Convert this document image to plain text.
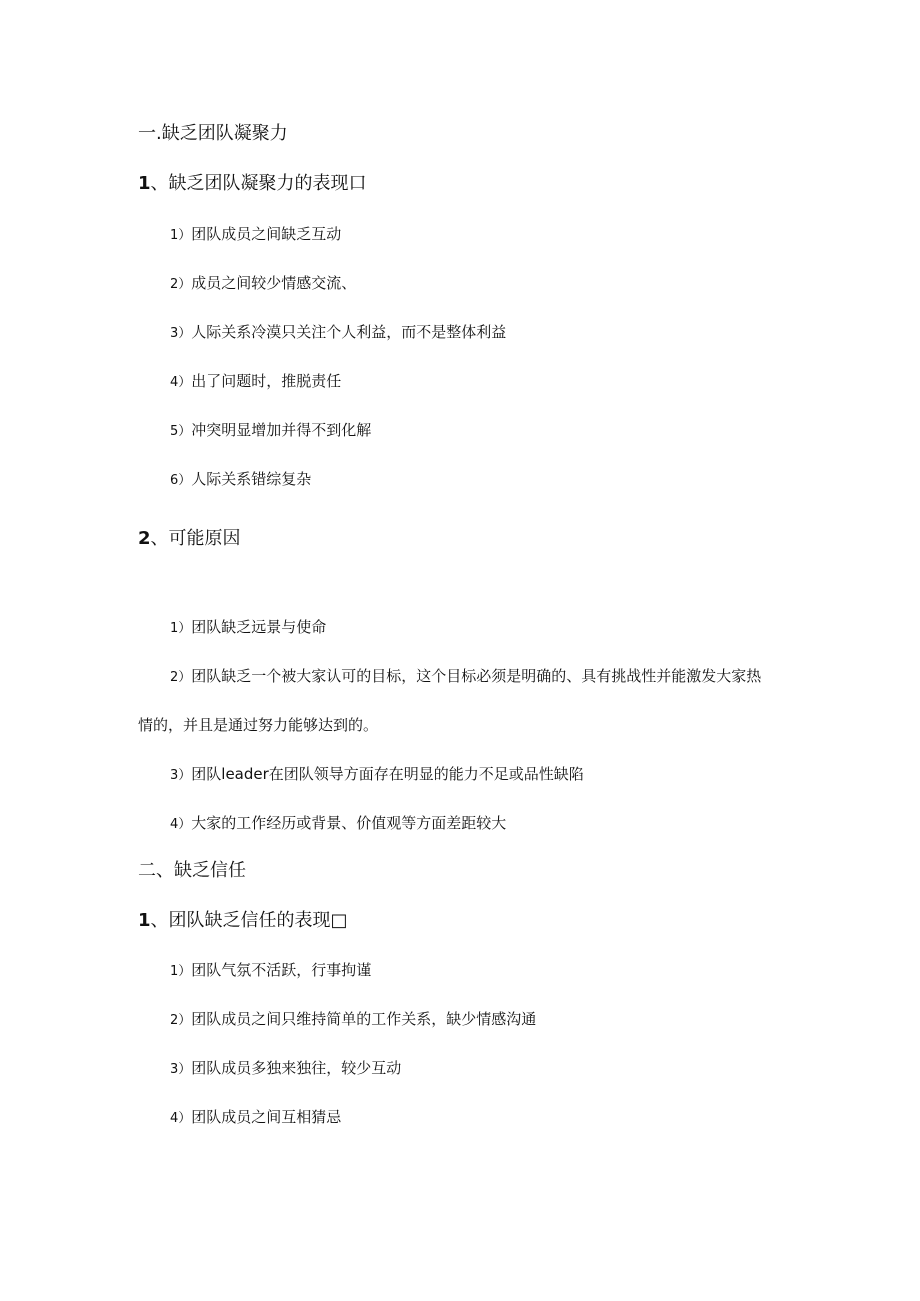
一.缺乏团队凝聚力
1、缺乏团队凝聚力的表现口
1）团队成员之间缺乏互动
2）成员之间较少情感交流、
3）人际关系冷漠只关注个人利益，而不是整体利益
4）出了问题时，推脱责任
5）冲突明显增加并得不到化解
6）人际关系错综复杂
2、可能原因
1）团队缺乏远景与使命
2）团队缺乏一个被大家认可的目标，这个目标必须是明确的、具有挑战性并能激发大家热
情的，并且是通过努力能够达到的。
3）团队leader在团队领导方面存在明显的能力不足或品性缺陷
4）大家的工作经历或背景、价值观等方面差距较大
二、缺乏信任
1、团队缺乏信任的表现□
1）团队气氛不活跃，行事拘谨
2）团队成员之间只维持简单的工作关系，缺少情感沟通
3）团队成员多独来独往，较少互动
4）团队成员之间互相猜忌
